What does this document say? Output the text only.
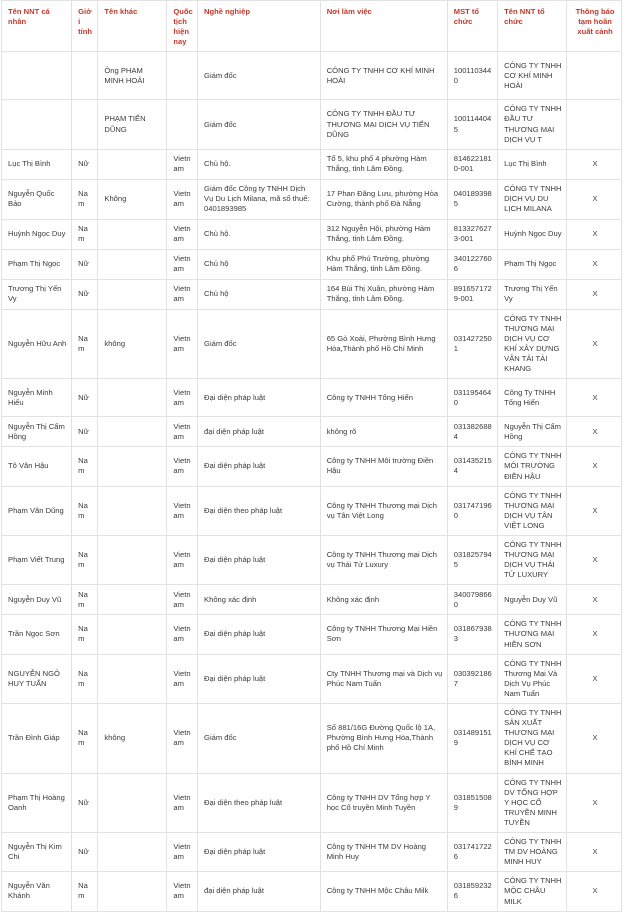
Tên NNT cá nhân	Giới tính	Tên khác	Quốc tịch hiện nay	Nghề nghiệp	Nơi làm việc	MST tổ chức	Tên NNT tổ chức	Thông báo tạm hoãn xuất cảnh
		Ông PHẠM MINH HOÀI		Giám đốc	CÔNG TY TNHH CƠ KHÍ MINH HOÀI	1001103440	CÔNG TY TNHH CƠ KHÍ MINH HOÀI	
		PHẠM TIẾN DŨNG		Giám đốc	CÔNG TY TNHH ĐẦU TƯ THƯƠNG MẠI DỊCH VỤ TIẾN DŨNG	1001144045	CÔNG TY TNHH ĐẦU TƯ THƯƠNG MẠI DỊCH VỤ T	
Lục Thị Bình	Nữ		Vietnam	Chủ hộ.	Tổ 5, khu phố 4 phường Hàm Thắng, tỉnh Lâm Đồng.	8146221810-001	Lục Thị Bình	X
Nguyễn Quốc Bảo	Nam	Không	Vietnam	Giám đốc Công ty TNHH Dịch Vụ Du Lịch Milana, mã số thuế: 0401893985	17 Phan Đăng Lưu, phường Hòa Cường, thành phố Đà Nẵng	0401893985	CÔNG TY TNHH DỊCH VỤ DU LỊCH MILANA	X
Huỳnh Ngọc Duy	Nam		Vietnam	Chủ hộ.	312 Nguyễn Hội, phường Hàm Thắng, tỉnh Lâm Đồng.	8133276273-001	Huỳnh Ngọc Duy	X
Phạm Thị Ngọc	Nữ		Vietnam	Chủ hộ	Khu phố Phú Trường, phường Hàm Thắng, tỉnh Lâm Đồng.	3401227606	Phạm Thị Ngọc	X
Trương Thị Yến Vy	Nữ		Vietnam	Chủ hộ	164 Bùi Thị Xuân, phường Hàm Thắng, tỉnh Lâm Đồng.	8916571729-001	Trương Thị Yến Vy	X
Nguyễn Hữu Anh	Nam	không	Vietnam	Giám đốc	65 Gò Xoài, Phường Bình Hưng Hòa,Thành phố Hồ Chí Minh	0314272501	CÔNG TY TNHH THƯƠNG MẠI DỊCH VỤ CƠ KHÍ XÂY DỰNG VẬN TẢI TÀI KHANG	X
Nguyễn Minh Hiếu	Nữ		Vietnam	Đại diện pháp luật	Công ty TNHH Tổng Hiển	0311954640	Công Ty TNHH Tổng Hiển	X
Nguyễn Thị Cẩm Hồng	Nữ		Vietnam	đại diện pháp luật	không rõ	0313826884	Nguyễn Thị Cẩm Hồng	X
Tô Văn Hậu	Nam		Vietnam	Đại diện pháp luật	Công ty TNHH Môi trường Điền Hậu	0314352154	CÔNG TY TNHH MÔI TRƯỜNG ĐIỀN HẬU	X
Phạm Văn Dũng	Nam		Vietnam	Đại diện theo pháp luật	Công ty TNHH Thương mại Dịch vụ Tân Việt Long	0317471960	CÔNG TY TNHH THƯƠNG MẠI DỊCH VỤ TÂN VIỆT LONG	X
Phạm Viết Trung	Nam		Vietnam	Đại diện pháp luật	Công ty TNHH Thương mại Dịch vụ Thái Tử Luxury	0318257945	CÔNG TY TNHH THƯƠNG MẠI DỊCH VỤ THÁI TỬ LUXURY	X
Nguyễn Duy Vũ	Nam		Vietnam	Không xác định	Không xác định	3400798660	Nguyễn Duy Vũ	X
Trần Ngọc Sơn	Nam		Vietnam	Đại diện pháp luật	Công ty TNHH Thương Mại Hiền Sơn	0318679383	CÔNG TY TNHH THƯƠNG MẠI HIỀN SƠN	X
NGUYỄN NGÔ HUY TUẤN	Nam		Vietnam	Đại diện pháp luật	Cty TNHH Thương mại và Dịch vụ Phúc Nam Tuấn	0303921867	CÔNG TY TNHH Thương Mại Và Dịch Vụ Phúc Nam Tuấn	X
Trần Đình Giáp	Nam	không	Vietnam	Giám đốc	Số 881/16G Đường Quốc lộ 1A, Phường Bình Hưng Hòa,Thành phố Hồ Chí Minh	0314891519	CÔNG TY TNHH SẢN XUẤT THƯƠNG MẠI DỊCH VỤ CƠ KHÍ CHẾ TẠO BÌNH MINH	X
Phạm Thị Hoàng Oanh	Nữ		Vietnam	Đại diện theo pháp luật	Công ty TNHH DV Tổng hợp Y học Cổ truyền Minh Tuyền	0318515089	CÔNG TY TNHH DV TỔNG HỢP Y HỌC CỔ TRUYỀN MINH TUYỀN	X
Nguyễn Thị Kim Chi	Nữ		Vietnam	Đại diện pháp luật	Công ty TNHH TM DV Hoàng Minh Huy	0317417226	CÔNG TY TNHH TM DV HOÀNG MINH HUY	X
Nguyễn Văn Khánh	Nam		Vietnam	đại diện pháp luật	Công ty TNHH Mộc Châu Milk	0318592326	CÔNG TY TNHH MỘC CHÂU MILK	X
